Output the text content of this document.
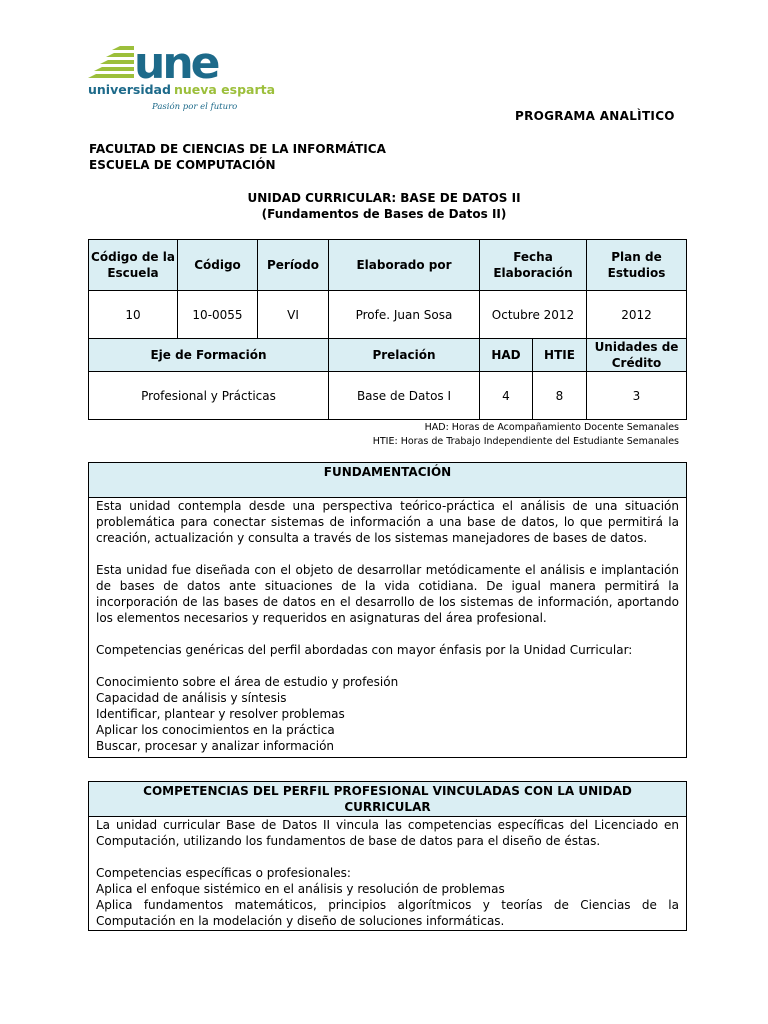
une
universidad nueva esparta
Pasión por el futuro
PROGRAMA ANALÌTICO
FACULTAD DE CIENCIAS DE LA INFORMÁTICA
ESCUELA DE COMPUTACIÓN
UNIDAD CURRICULAR: BASE DE DATOS II
(Fundamentos de Bases de Datos II)
Código de la Escuela	Código	Período	Elaborado por	Fecha Elaboración		Plan de Estudios
10	10-0055	VI	Profe. Juan Sosa	Octubre 2012		2012
Eje de Formación			Prelación	HAD	HTIE	Unidades de Crédito
Profesional y Prácticas			Base de Datos I	4	8	3
HAD: Horas de Acompañamiento Docente Semanales
HTIE: Horas de Trabajo Independiente del Estudiante Semanales
FUNDAMENTACIÓN

Esta unidad contempla desde una perspectiva teórico-práctica el análisis de una situación problemática para conectar sistemas de información a una base de datos, lo que permitirá la creación, actualización y consulta a través de los sistemas manejadores de bases de datos.

Esta unidad fue diseñada con el objeto de desarrollar metódicamente el análisis e implantación de bases de datos ante situaciones de la vida cotidiana. De igual manera permitirá la incorporación de las bases de datos en el desarrollo de los sistemas de información, aportando los elementos necesarios y requeridos en asignaturas del área profesional.

Competencias genéricas del perfil abordadas con mayor énfasis por la Unidad Curricular:

Conocimiento sobre el área de estudio y profesión

Capacidad de análisis y síntesis

Identificar, plantear y resolver problemas

Aplicar los conocimientos en la práctica

Buscar, procesar y analizar información

COMPETENCIAS DEL PERFIL PROFESIONAL VINCULADAS CON LA UNIDAD CURRICULAR

La unidad curricular Base de Datos II vincula las competencias específicas del Licenciado en Computación, utilizando los fundamentos de base de datos para el diseño de éstas.

Competencias específicas o profesionales:

Aplica el enfoque sistémico en el análisis y resolución de problemas

Aplica fundamentos matemáticos, principios algorítmicos y teorías de Ciencias de la Computación en la modelación y diseño de soluciones informáticas.
